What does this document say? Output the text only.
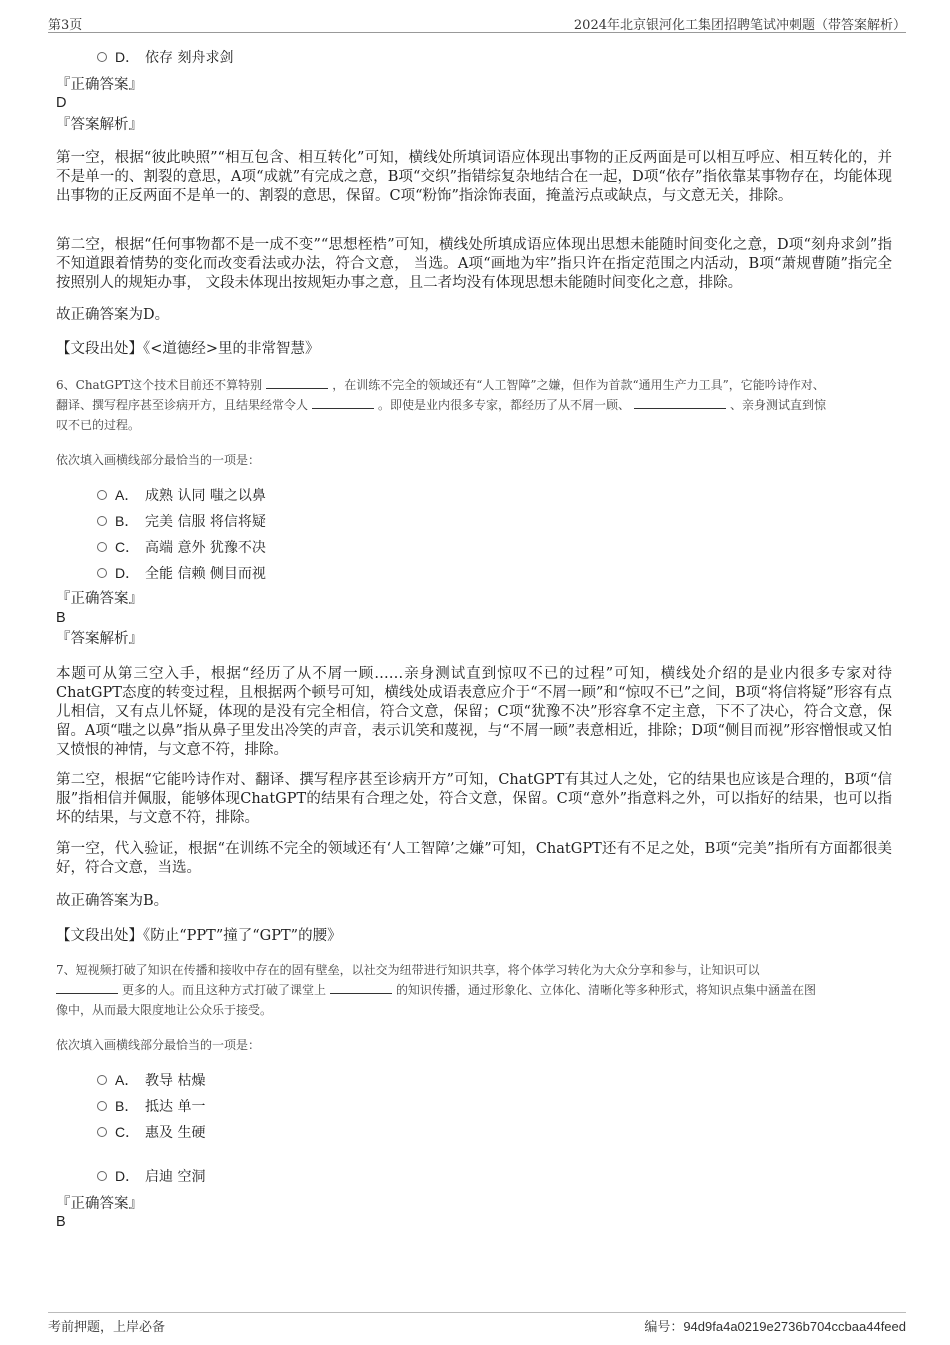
第3页	2024年北京银河化工集团招聘笔试冲刺题（带答案解析）
D． 依存 刻舟求剑
『正确答案』
D
『答案解析』
第一空，根据“彼此映照”“相互包含、相互转化”可知，横线处所填词语应体现出事物的正反两面是可以相互呼应、相互转化的，并不是单一的、割裂的意思，A项“成就”有完成之意，B项“交织”指错综复杂地结合在一起，D项“依存”指依靠某事物存在，均能体现出事物的正反两面不是单一的、割裂的意思，保留。C项“粉饰”指涂饰表面，掩盖污点或缺点，与文意无关，排除。
第二空，根据“任何事物都不是一成不变”“思想桎梏”可知，横线处所填成语应体现出思想未能随时间变化之意，D项“刻舟求剑”指不知道跟着情势的变化而改变看法或办法，符合文意， 当选。A项“画地为牢”指只许在指定范围之内活动，B项“萧规曹随”指完全按照别人的规矩办事， 文段未体现出按规矩办事之意，且二者均没有体现思想未能随时间变化之意，排除。
故正确答案为D。
【文段出处】《<道德经>里的非常智慧》
6、ChatGPT这个技术目前还不算特别	，在训练不完全的领域还有“人工智障”之嫌，但作为首款“通用生产力工具”，它能吟诗作对、
翻译、撰写程序甚至诊病开方，且结果经常令人	。即使是业内很多专家，都经历了从不屑一顾、	、亲身测试直到惊
叹不已的过程。
依次填入画横线部分最恰当的一项是：
A． 成熟 认同 嗤之以鼻
B． 完美 信服 将信将疑
C． 高端 意外 犹豫不决
D． 全能 信赖 侧目而视
『正确答案』
B
『答案解析』
本题可从第三空入手，根据“经历了从不屑一顾……亲身测试直到惊叹不已的过程”可知，横线处介绍的是业内很多专家对待ChatGPT态度的转变过程，且根据两个顿号可知，横线处成语表意应介于“不屑一顾”和“惊叹不已”之间，B项“将信将疑”形容有点儿相信，又有点儿怀疑，体现的是没有完全相信，符合文意，保留；C项“犹豫不决”形容拿不定主意，下不了决心，符合文意，保留。A项“嗤之以鼻”指从鼻子里发出冷笑的声音，表示讥笑和蔑视，与“不屑一顾”表意相近，排除；D项“侧目而视”形容憎恨或又怕又愤恨的神情，与文意不符，排除。
第二空，根据“它能吟诗作对、翻译、撰写程序甚至诊病开方”可知，ChatGPT有其过人之处，它的结果也应该是合理的，B项“信服”指相信并佩服，能够体现ChatGPT的结果有合理之处，符合文意，保留。C项“意外”指意料之外，可以指好的结果，也可以指坏的结果，与文意不符，排除。
第一空，代入验证，根据“在训练不完全的领域还有‘人工智障’之嫌”可知，ChatGPT还有不足之处，B项“完美”指所有方面都很美好，符合文意，当选。
故正确答案为B。
【文段出处】《防止“PPT”撞了“GPT”的腰》
7、短视频打破了知识在传播和接收中存在的固有壁垒，以社交为纽带进行知识共享，将个体学习转化为大众分享和参与，让知识可以
更多的人。而且这种方式打破了课堂上	的知识传播，通过形象化、立体化、清晰化等多种形式，将知识点集中涵盖在图
像中，从而最大限度地让公众乐于接受。
依次填入画横线部分最恰当的一项是：
A． 教导 枯燥
B． 抵达 单一
C． 惠及 生硬
D． 启迪 空洞
『正确答案』
B
考前押题，上岸必备	编号：94d9fa4a0219e2736b704ccbaa44feed
